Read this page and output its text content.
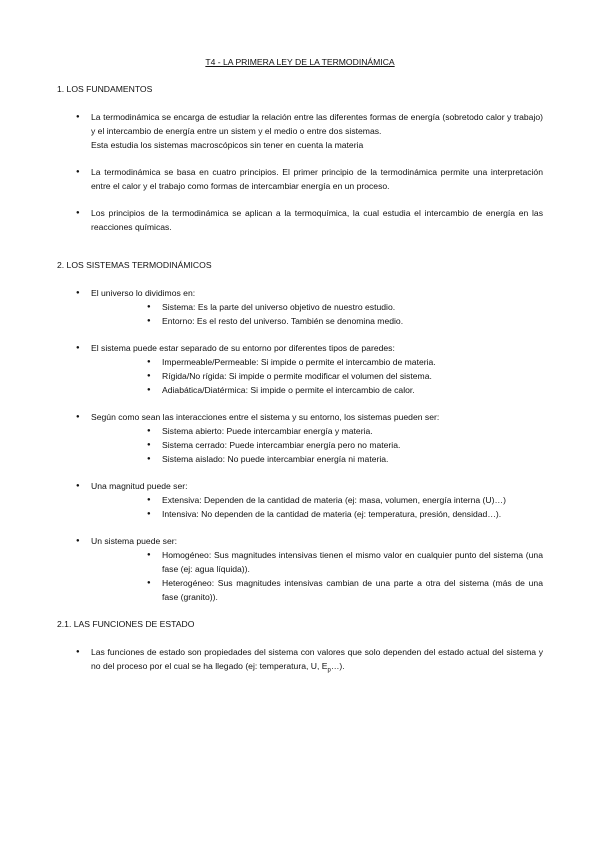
T4 - LA PRIMERA LEY DE LA TERMODINÁMICA
1. LOS FUNDAMENTOS
● La termodinámica se encarga de estudiar la relación entre las diferentes formas de energía (sobretodo calor y trabajo) y el intercambio de energía entre un sistem y el medio o entre dos sistemas.
Esta estudia los sistemas macroscópicos sin tener en cuenta la materia
● La termodinámica se basa en cuatro principios. El primer principio de la termodinámica permite una interpretación entre el calor y el trabajo como formas de intercambiar energía en un proceso.
● Los principios de la termodinámica se aplican a la termoquímica, la cual estudia el intercambio de energía en las reacciones químicas.
2. LOS SISTEMAS TERMODINÁMICOS
● El universo lo dividimos en:
● Sistema: Es la parte del universo objetivo de nuestro estudio.
● Entorno: Es el resto del universo. También se denomina medio.
● El sistema puede estar separado de su entorno por diferentes tipos de paredes:
● Impermeable/Permeable: Si impide o permite el intercambio de materia.
● Rígida/No rígida: Si impide o permite modificar el volumen del sistema.
● Adiabática/Diatérmica: Si impide o permite el intercambio de calor.
● Según como sean las interacciones entre el sistema y su entorno, los sistemas pueden ser:
● Sistema abierto: Puede intercambiar energía y materia.
● Sistema cerrado: Puede intercambiar energía pero no materia.
● Sistema aislado: No puede intercambiar energía ni materia.
● Una magnitud puede ser:
● Extensiva: Dependen de la cantidad de materia (ej: masa, volumen, energía interna (U)…)
● Intensiva: No dependen de la cantidad de materia (ej: temperatura, presión, densidad…).
● Un sistema puede ser:
● Homogéneo: Sus magnitudes intensivas tienen el mismo valor en cualquier punto del sistema (una fase (ej: agua líquida)).
● Heterogéneo: Sus magnitudes intensivas cambian de una parte a otra del sistema (más de una fase (granito)).
2.1. LAS FUNCIONES DE ESTADO
● Las funciones de estado son propiedades del sistema con valores que solo dependen del estado actual del sistema y no del proceso por el cual se ha llegado (ej: temperatura, U, $E_p\dots$).
